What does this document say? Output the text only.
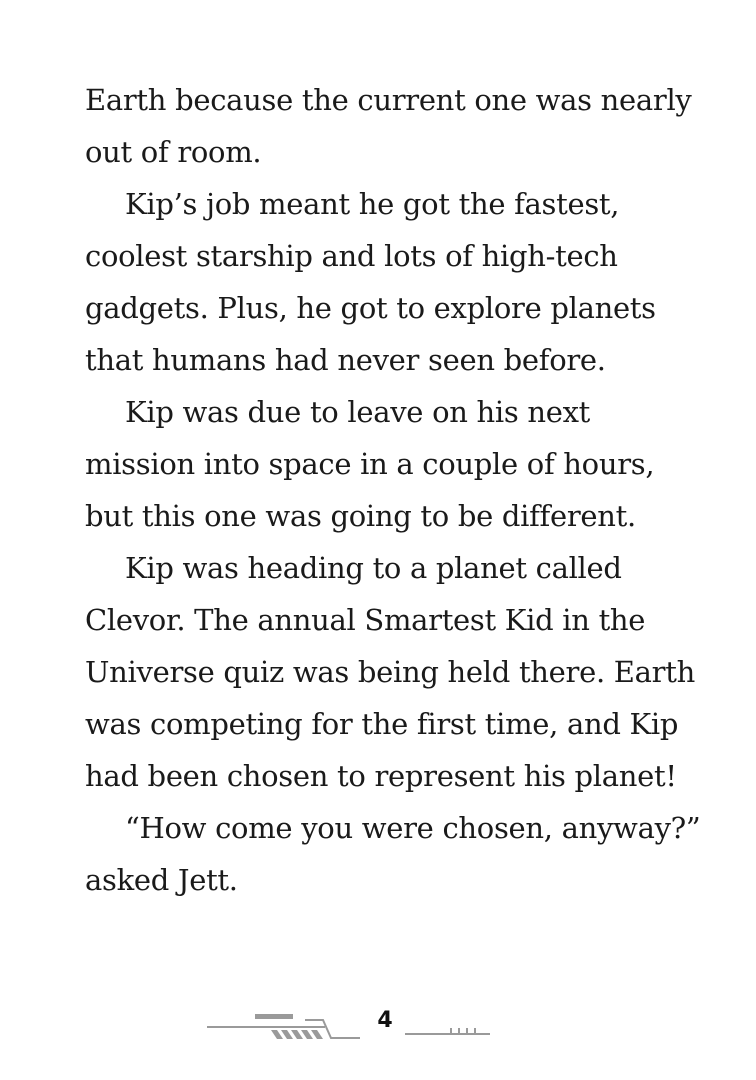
Earth because the current one was nearly

out of room.

Kip’s job meant he got the fastest,

coolest starship and lots of high-tech

gadgets. Plus, he got to explore planets

that humans had never seen before.

Kip was due to leave on his next

mission into space in a couple of hours,

but this one was going to be different.

Kip was heading to a planet called

Clevor. The annual Smartest Kid in the

Universe quiz was being held there. Earth

was competing for the first time, and Kip

had been chosen to represent his planet!

“How come you were chosen, anyway?”

asked Jett.

4
